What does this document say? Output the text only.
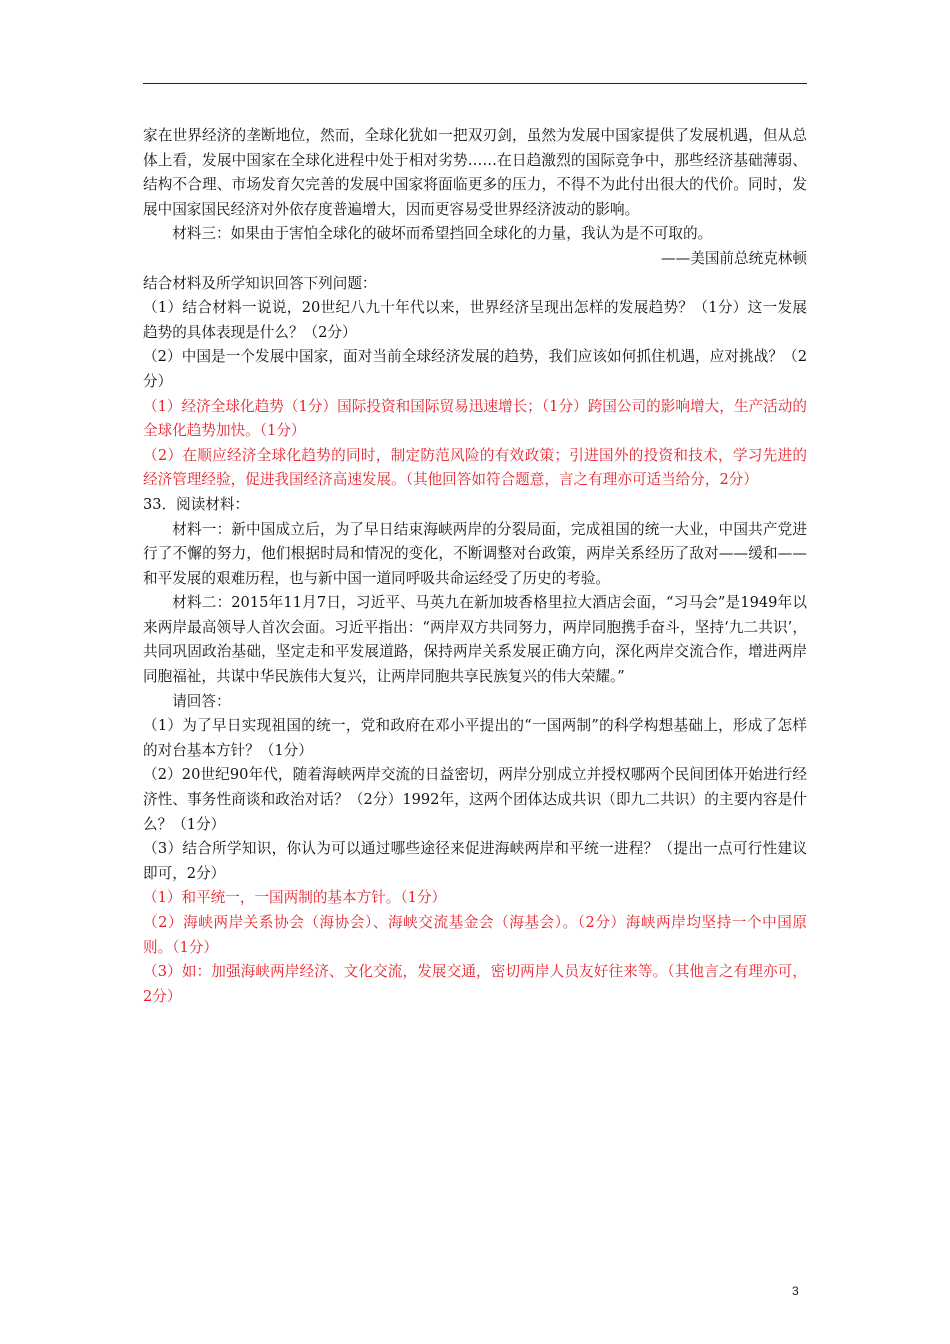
家在世界经济的垄断地位，然而，全球化犹如一把双刃剑，虽然为发展中国家提供了发展机遇，但从总体上看，发展中国家在全球化进程中处于相对劣势……在日趋激烈的国际竞争中，那些经济基础薄弱、结构不合理、市场发育欠完善的发展中国家将面临更多的压力，不得不为此付出很大的代价。同时，发展中国家国民经济对外依存度普遍增大，因而更容易受世界经济波动的影响。

材料三：如果由于害怕全球化的破坏而希望挡回全球化的力量，我认为是不可取的。

——美国前总统克林顿

结合材料及所学知识回答下列问题：

（1）结合材料一说说，20世纪八九十年代以来，世界经济呈现出怎样的发展趋势？（1分）这一发展趋势的具体表现是什么？（2分）

（2）中国是一个发展中国家，面对当前全球经济发展的趋势，我们应该如何抓住机遇，应对挑战？（2分）

（1）经济全球化趋势（1分）国际投资和国际贸易迅速增长；（1分）跨国公司的影响增大，生产活动的全球化趋势加快。（1分）

（2）在顺应经济全球化趋势的同时，制定防范风险的有效政策；引进国外的投资和技术，学习先进的经济管理经验，促进我国经济高速发展。（其他回答如符合题意，言之有理亦可适当给分，2分）

33．阅读材料：

材料一：新中国成立后，为了早日结束海峡两岸的分裂局面，完成祖国的统一大业，中国共产党进行了不懈的努力，他们根据时局和情况的变化，不断调整对台政策，两岸关系经历了敌对——缓和——和平发展的艰难历程，也与新中国一道同呼吸共命运经受了历史的考验。

材料二：2015年11月7日，习近平、马英九在新加坡香格里拉大酒店会面，“习马会”是1949年以来两岸最高领导人首次会面。习近平指出：“两岸双方共同努力，两岸同胞携手奋斗，坚持‘九二共识’，共同巩固政治基础，坚定走和平发展道路，保持两岸关系发展正确方向，深化两岸交流合作，增进两岸同胞福祉，共谋中华民族伟大复兴，让两岸同胞共享民族复兴的伟大荣耀。”

请回答：

（1）为了早日实现祖国的统一，党和政府在邓小平提出的“一国两制”的科学构想基础上，形成了怎样的对台基本方针？（1分）

（2）20世纪90年代，随着海峡两岸交流的日益密切，两岸分别成立并授权哪两个民间团体开始进行经济性、事务性商谈和政治对话？（2分）1992年，这两个团体达成共识（即九二共识）的主要内容是什么？（1分）

（3）结合所学知识，你认为可以通过哪些途径来促进海峡两岸和平统一进程？（提出一点可行性建议即可，2分）

（1）和平统一，一国两制的基本方针。（1分）

（2）海峡两岸关系协会（海协会）、海峡交流基金会（海基会）。（2分）海峡两岸均坚持一个中国原则。（1分）

（3）如：加强海峡两岸经济、文化交流，发展交通，密切两岸人员友好往来等。（其他言之有理亦可，2分）

3
